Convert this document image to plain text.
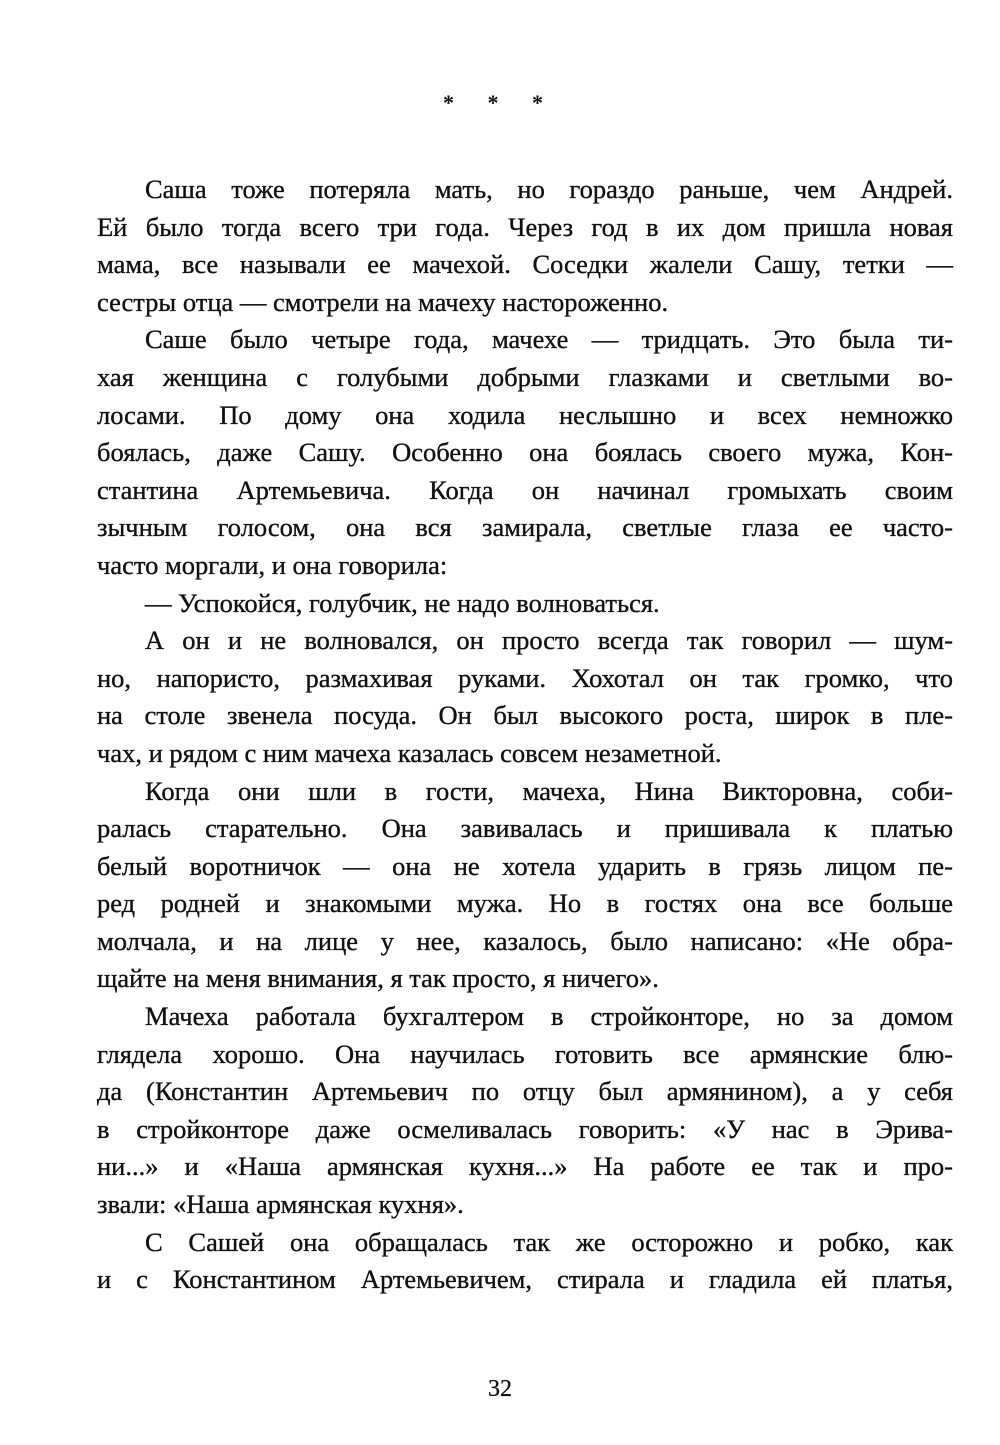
* * *
Саша тоже потеряла мать, но гораздо раньше, чем Андрей.
Ей было тогда всего три года. Через год в их дом пришла новая
мама, все называли ее мачехой. Соседки жалели Сашу, тетки —
сестры отца — смотрели на мачеху настороженно.
Саше было четыре года, мачехе — тридцать. Это была ти-
хая женщина с голубыми добрыми глазками и светлыми во-
лосами. По дому она ходила неслышно и всех немножко
боялась, даже Сашу. Особенно она боялась своего мужа, Кон-
стантина Артемьевича. Когда он начинал громыхать своим
зычным голосом, она вся замирала, светлые глаза ее часто-
часто моргали, и она говорила:
— Успокойся, голубчик, не надо волноваться.
А он и не волновался, он просто всегда так говорил — шум-
но, напористо, размахивая руками. Хохотал он так громко, что
на столе звенела посуда. Он был высокого роста, широк в пле-
чах, и рядом с ним мачеха казалась совсем незаметной.
Когда они шли в гости, мачеха, Нина Викторовна, соби-
ралась старательно. Она завивалась и пришивала к платью
белый воротничок — она не хотела ударить в грязь лицом пе-
ред родней и знакомыми мужа. Но в гостях она все больше
молчала, и на лице у нее, казалось, было написано: «Не обра-
щайте на меня внимания, я так просто, я ничего».
Мачеха работала бухгалтером в стройконторе, но за домом
глядела хорошо. Она научилась готовить все армянские блю-
да (Константин Артемьевич по отцу был армянином), а у себя
в стройконторе даже осмеливалась говорить: «У нас в Эрива-
ни...» и «Наша армянская кухня...» На работе ее так и про-
звали: «Наша армянская кухня».
С Сашей она обращалась так же осторожно и робко, как
и с Константином Артемьевичем, стирала и гладила ей платья,
32
